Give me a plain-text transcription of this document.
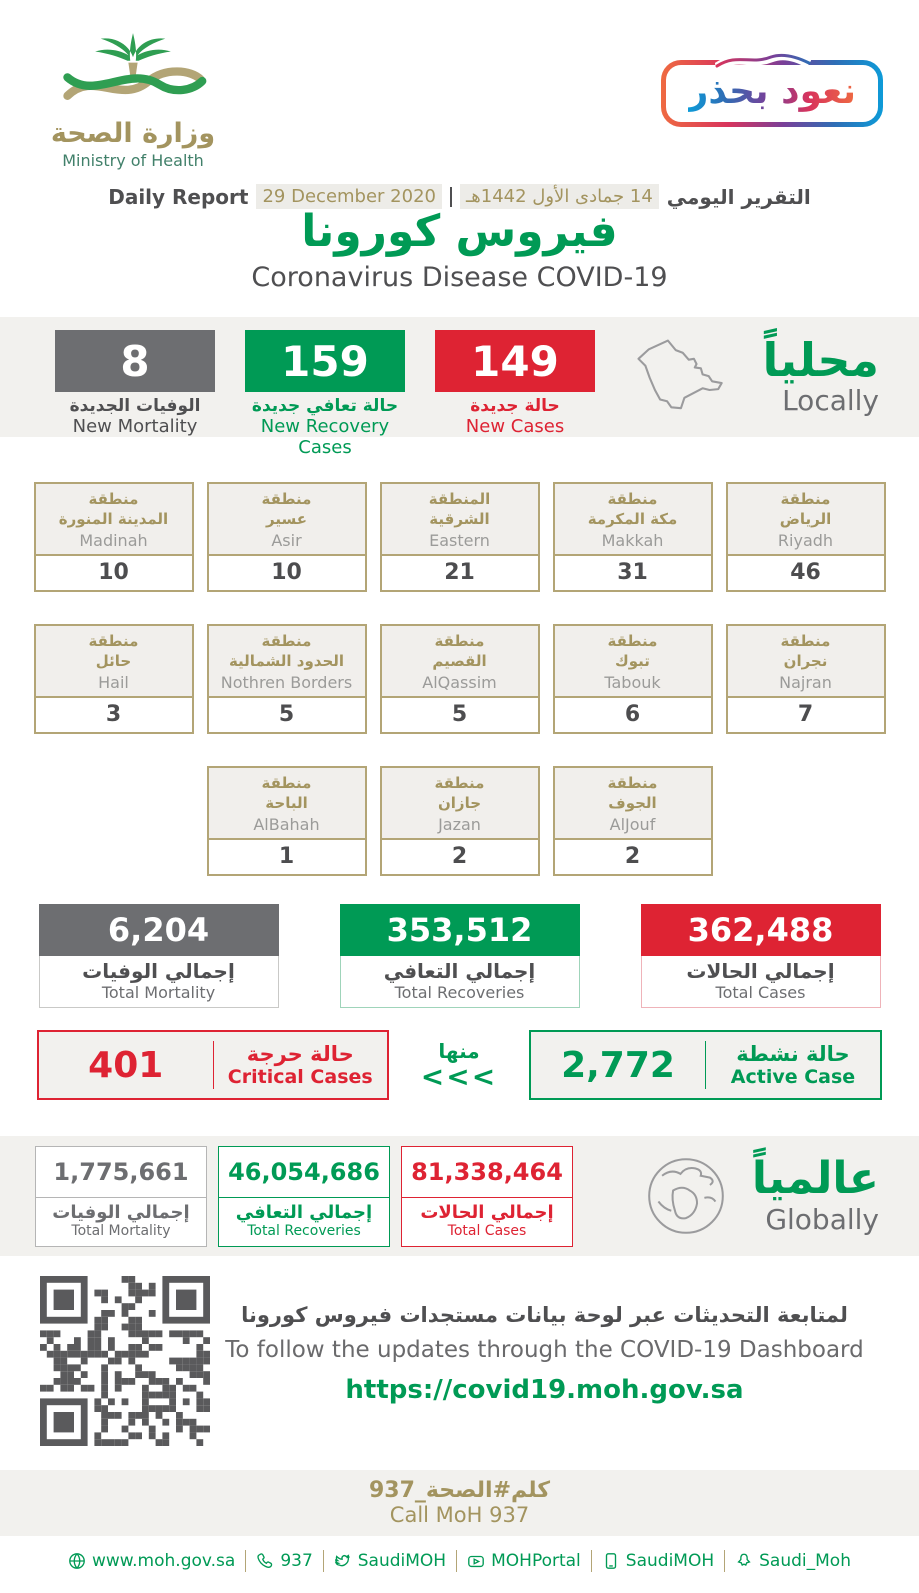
وزارة الصحة
Ministry of Health
نعود بحذر
Daily Report 29 December 2020	14 جمادى الأول 1442هـ التقرير اليومي
فيروس كورونا
Coronavirus Disease COVID-19
8
الوفيات الجديدة
New Mortality
159
حالة تعافي جديدة
New Recovery Cases
149
حالة جديدة
New Cases
محلياً
Locally
منطقة
المدينة المنورة
Madinah
10
منطقة
عسير
Asir
10
المنطقة
الشرقية
Eastern
21
منطقة
مكة المكرمة
Makkah
31
منطقة
الرياض
Riyadh
46
منطقة
حائل
Hail
3
منطقة
الحدود الشمالية
Nothren Borders
5
منطقة
القصيم
AlQassim
5
منطقة
تبوك
Tabouk
6
منطقة
نجران
Najran
7
منطقة
الباحة
AlBahah
1
منطقة
جازان
Jazan
2
منطقة
الجوف
AlJouf
2
6,204
إجمالي الوفيات
Total Mortality
353,512
إجمالي التعافي
Total Recoveries
362,488
إجمالي الحالات
Total Cases
401	حالة حرجة
Critical Cases
منها
<<<	2,772	حالة نشطة
Active Case
1,775,661
إجمالي الوفيات
Total Mortality
46,054,686
إجمالي التعافي
Total Recoveries
81,338,464
إجمالي الحالات
Total Cases
عالمياً
Globally
لمتابعة التحديثات عبر لوحة بيانات مستجدات فيروس كورونا
To follow the updates through the COVID-19 Dashboard
https://covid19.moh.gov.sa
كلم#الصحة_937
Call MoH 937
www.moh.gov.sa	937	SaudiMOH	MOHPortal	SaudiMOH	Saudi_Moh
